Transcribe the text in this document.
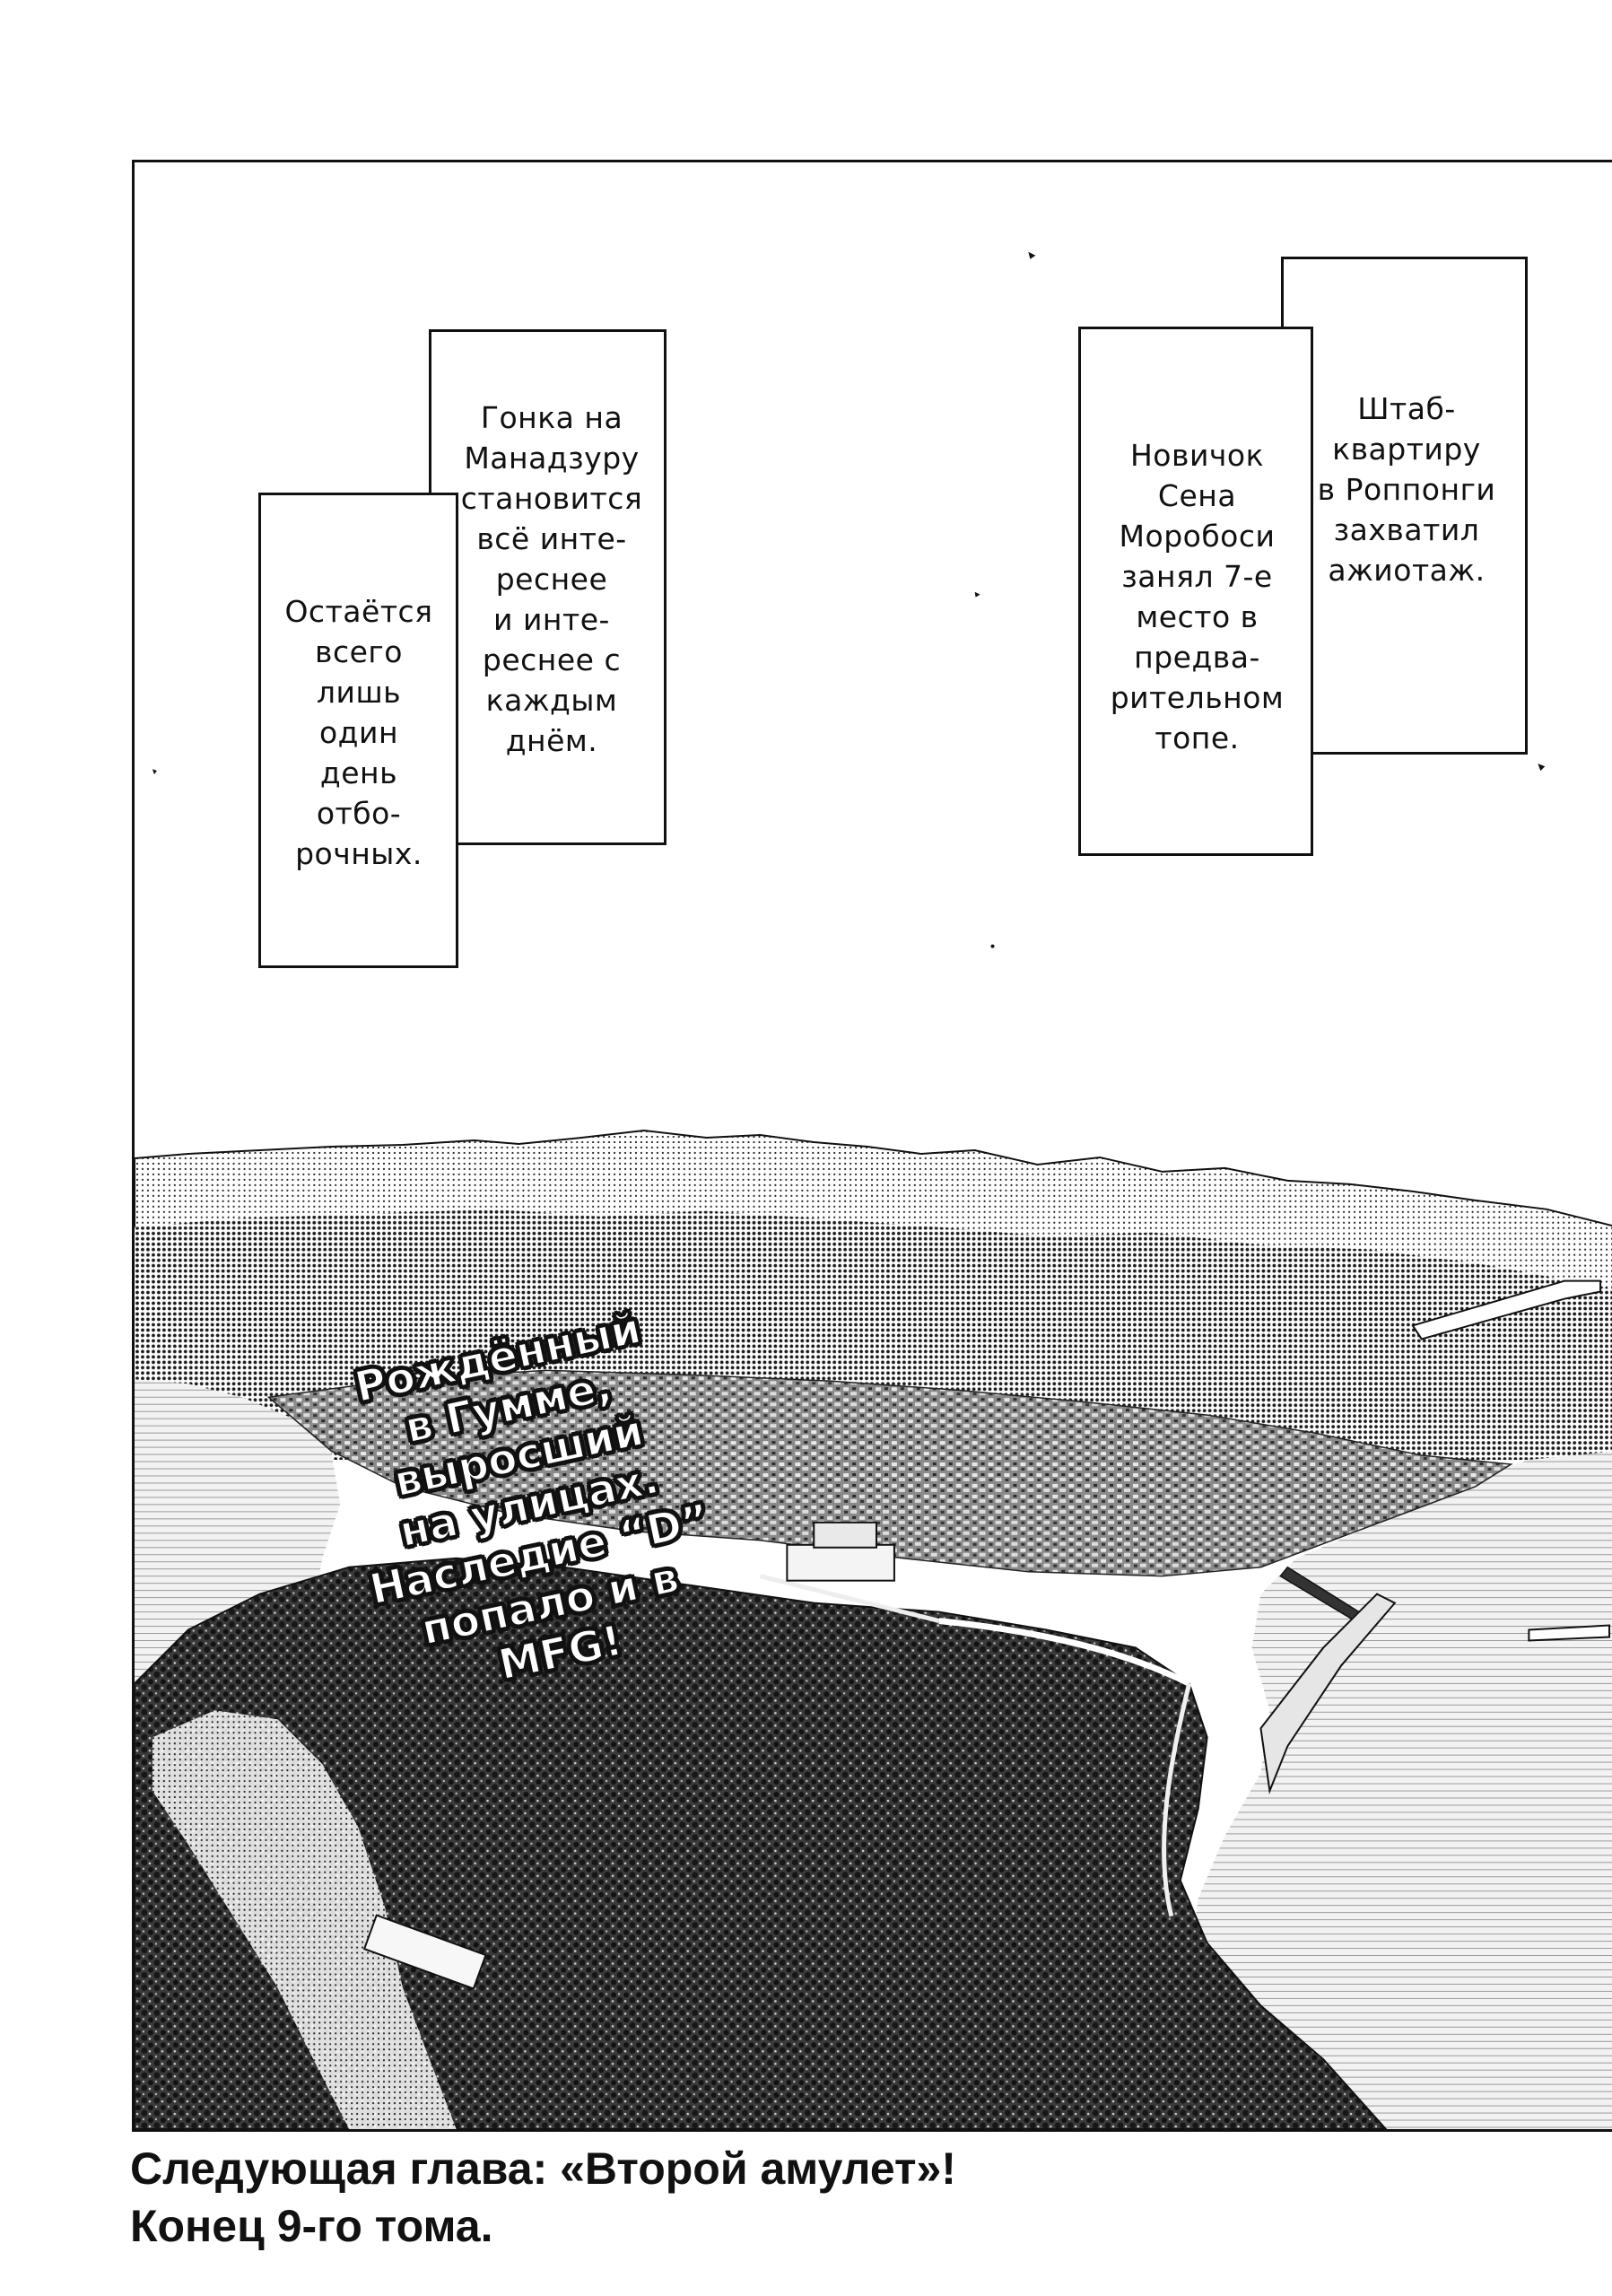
Гонка на
Манадзуру
становится
всё инте-
реснее
и инте-
реснее с
каждым
днём.
Остаётся
всего
лишь
один
день
отбо-
рочных.
Штаб-
квартиру
в Роппонги
захватил
ажиотаж.
Новичок
Сена
Моробоси
занял 7-е
место в
предва-
рительном
топе.
Рождённый
в Гумме,
выросший
на улицах.
Наследие “D”
попало и в
MFG!
Следующая глава: «Второй амулет»!
Конец 9-го тома.
